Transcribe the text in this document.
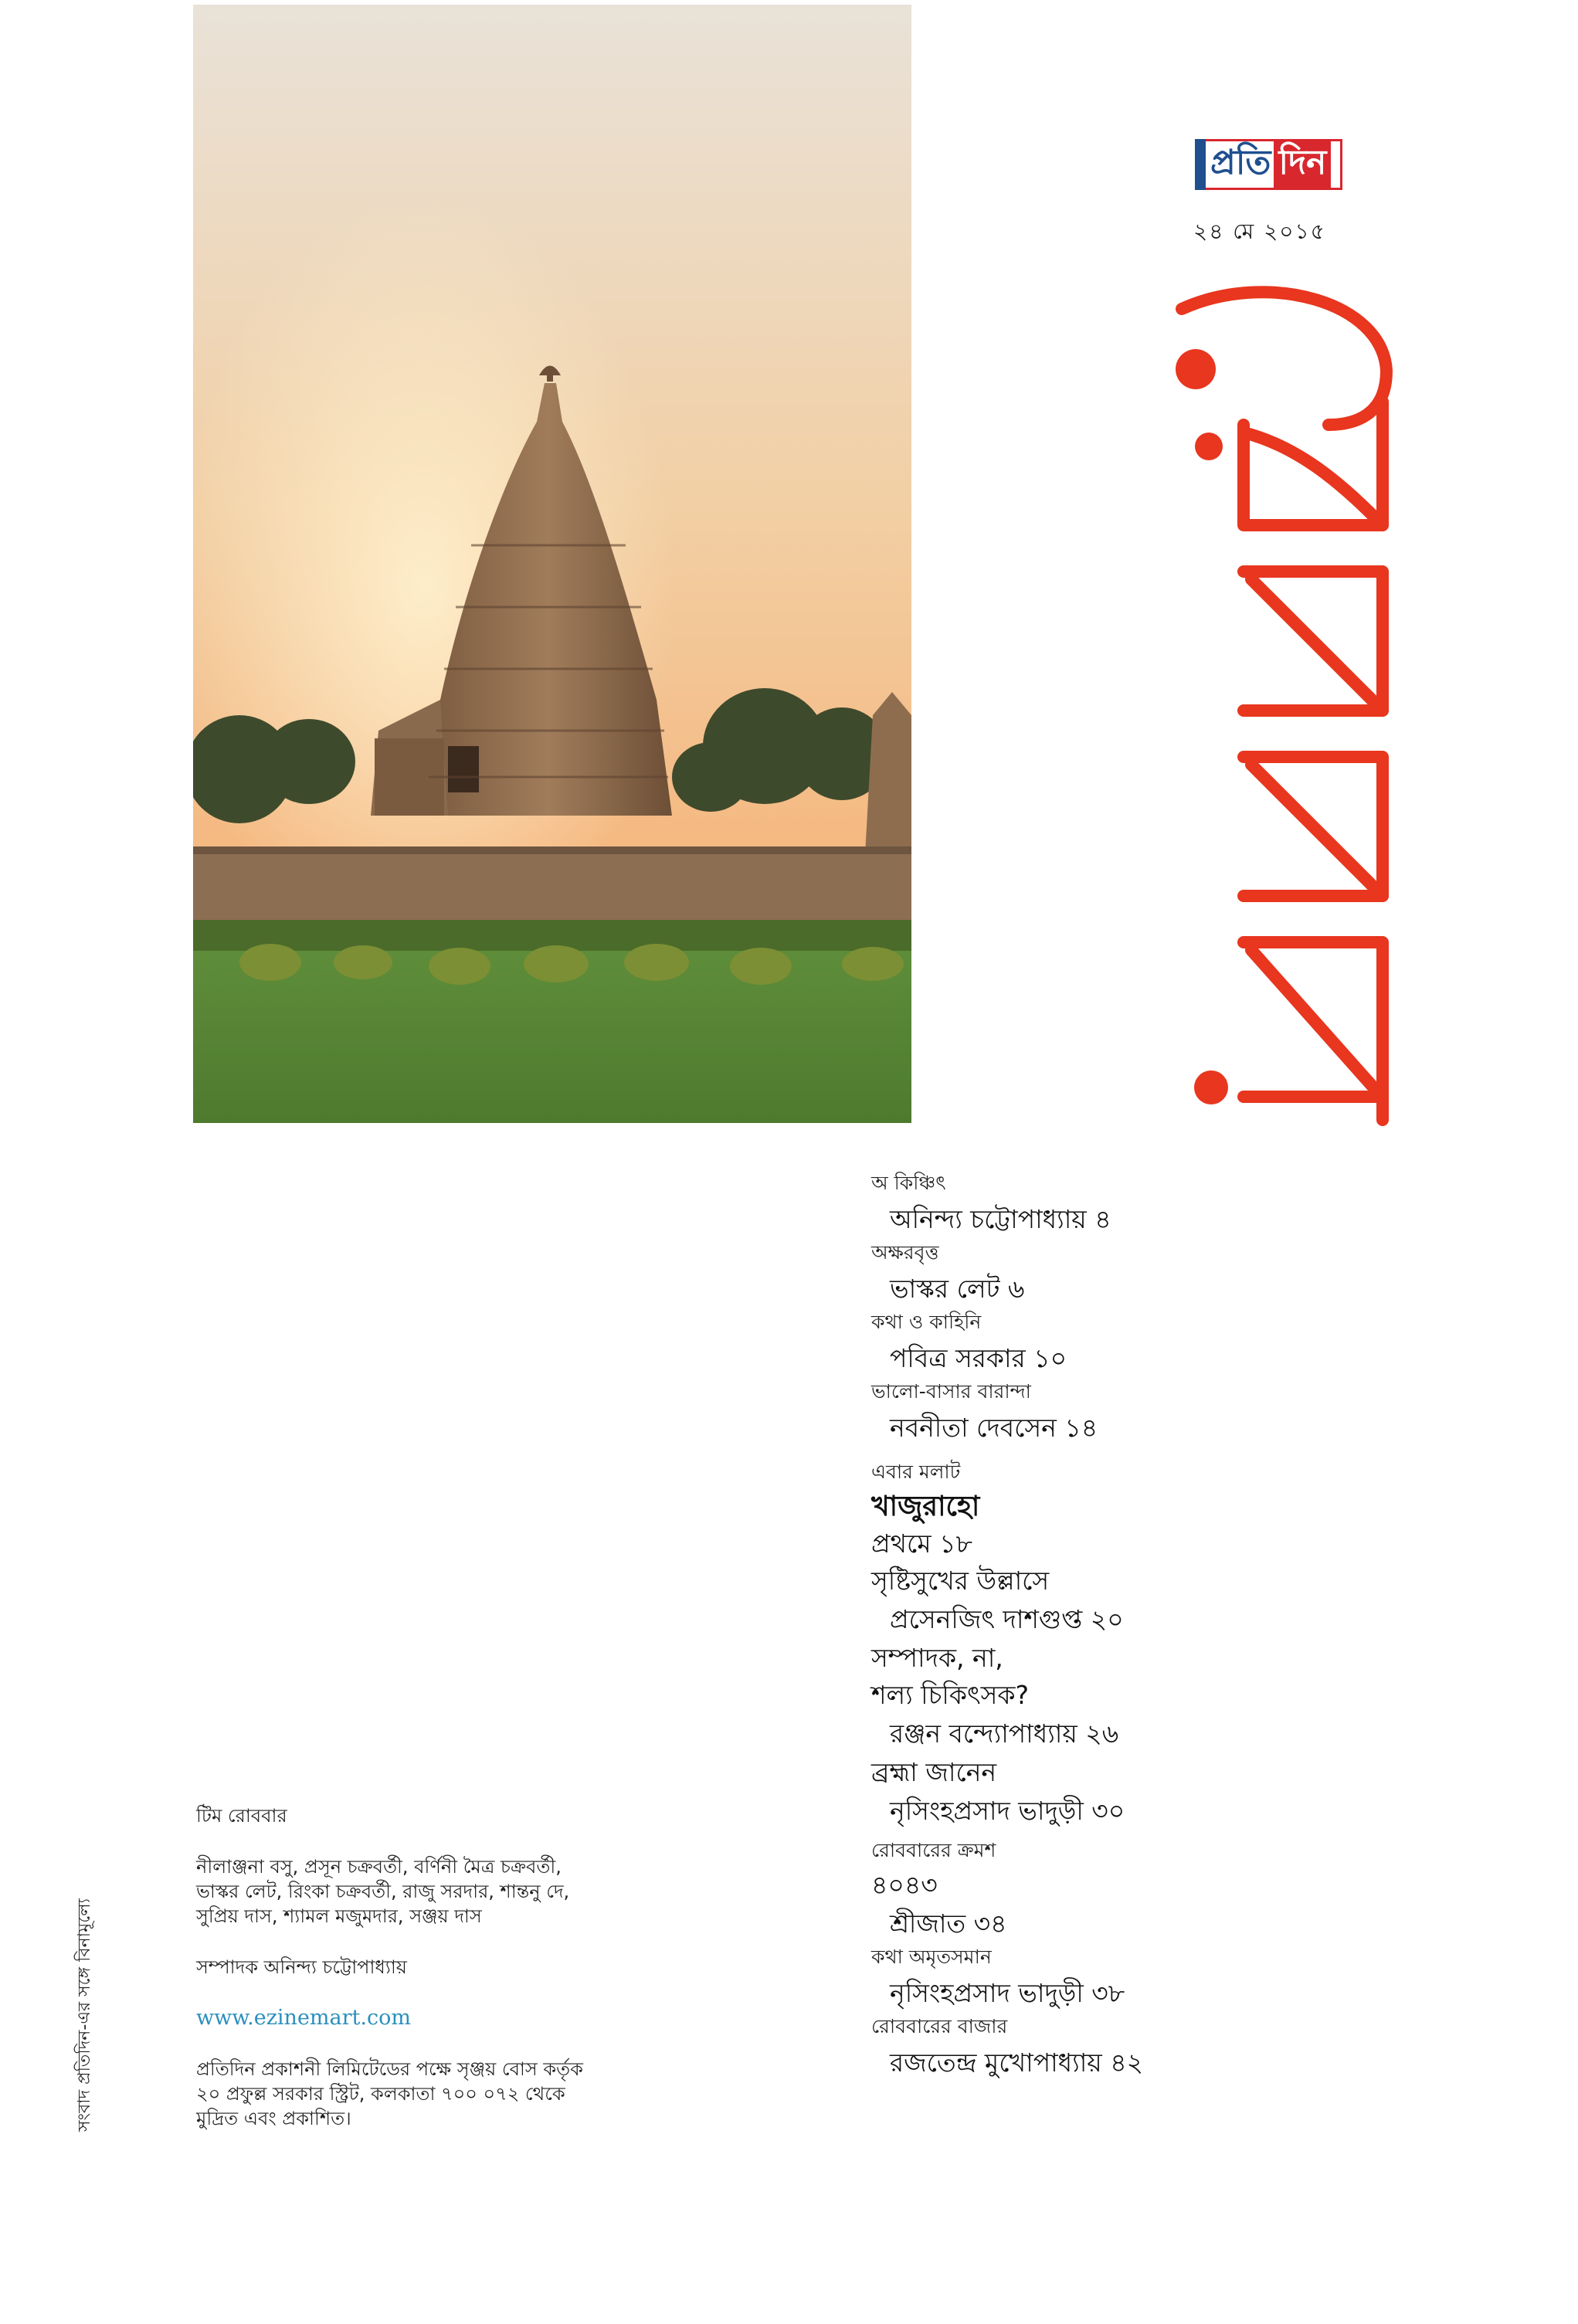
প্রতি দিন
২৪ মে ২০১৫
অ কিঞ্চিৎ
অনিন্দ্য চট্টোপাধ্যায় ৪
অক্ষরবৃত্ত
ভাস্কর লেট ৬
কথা ও কাহিনি
পবিত্র সরকার ১০
ভালো-বাসার বারান্দা
নবনীতা দেবসেন ১৪
এবার মলাট
খাজুরাহো
প্রথমে ১৮
সৃষ্টিসুখের উল্লাসে
প্রসেনজিৎ দাশগুপ্ত ২০
সম্পাদক, না,
শল্য চিকিৎসক?
রঞ্জন বন্দ্যোপাধ্যায় ২৬
ব্রহ্মা জানেন
নৃসিংহপ্রসাদ ভাদুড়ী ৩০
রোববারের ক্রমশ
৪০৪৩
শ্রীজাত ৩৪
কথা অমৃতসমান
নৃসিংহপ্রসাদ ভাদুড়ী ৩৮
রোববারের বাজার
রজতেন্দ্র মুখোপাধ্যায় ৪২

টিম রোববার

নীলাঞ্জনা বসু, প্রসূন চক্রবর্তী, বর্ণিনী মৈত্র চক্রবর্তী,

ভাস্কর লেট, রিংকা চক্রবর্তী, রাজু সরদার, শান্তনু দে,

সুপ্রিয় দাস, শ্যামল মজুমদার, সঞ্জয় দাস

সম্পাদক অনিন্দ্য চট্টোপাধ্যায়

www.ezinemart.com

প্রতিদিন প্রকাশনী লিমিটেডের পক্ষে সৃঞ্জয় বোস কর্তৃক

২০ প্রফুল্ল সরকার স্ট্রিট, কলকাতা ৭০০ ০৭২ থেকে

মুদ্রিত এবং প্রকাশিত।

সংবাদ প্রতিদিন-এর সঙ্গে বিনামূল্যে
